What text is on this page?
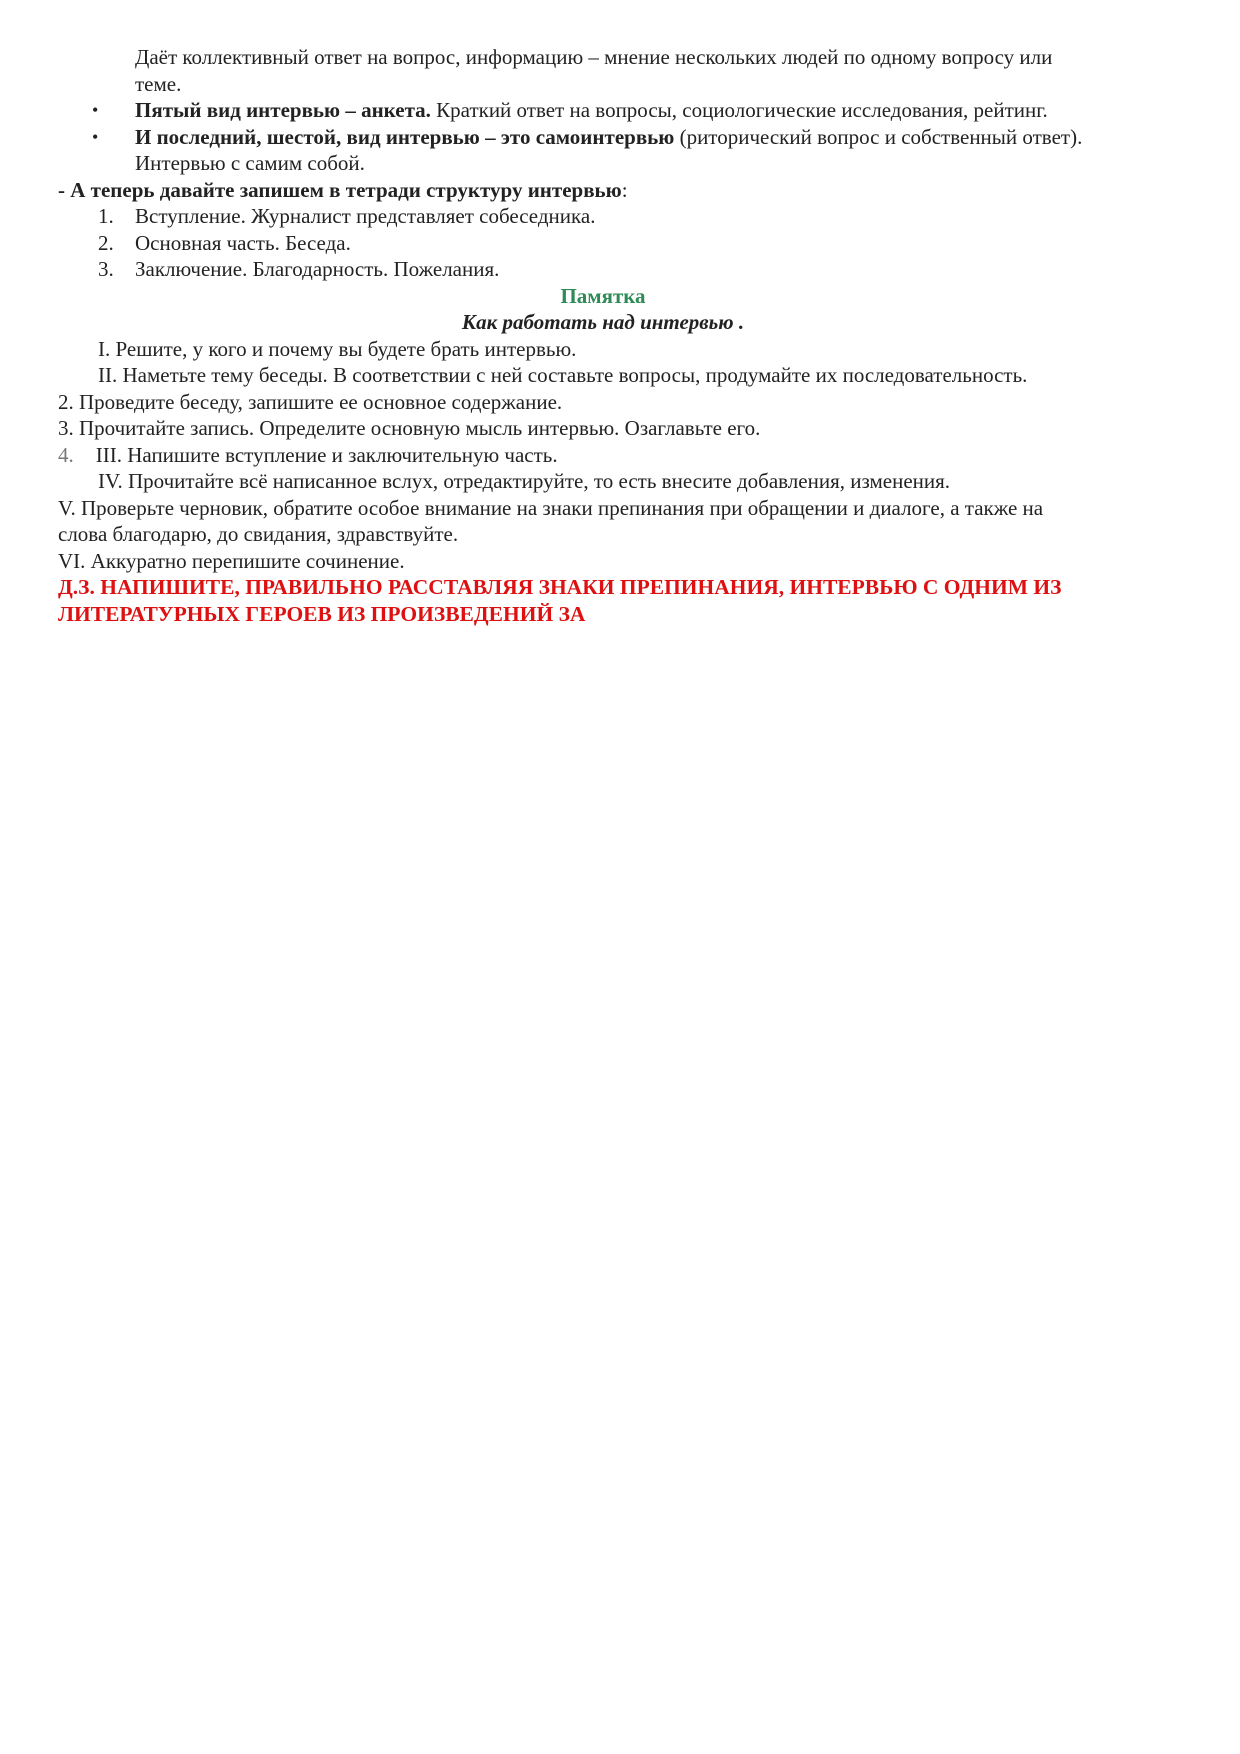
Даёт коллективный ответ на вопрос, информацию – мнение нескольких людей по одному вопросу или
теме.
• Пятый вид интервью – анкета. Краткий ответ на вопросы, социологические исследования, рейтинг.
• И последний, шестой, вид интервью – это самоинтервью (риторический вопрос и собственный ответ).
Интервью с самим собой.
- А теперь давайте запишем в тетради структуру интервью:
1. Вступление. Журналист представляет собеседника.
2. Основная часть. Беседа.
3. Заключение. Благодарность. Пожелания.
Памятка
Как работать над интервью .
I. Решите, у кого и почему вы будете брать интервью.
II. Наметьте тему беседы. В соответствии с ней составьте вопросы, продумайте их последовательность.
2. Проведите беседу, запишите ее основное содержание.
3. Прочитайте запись. Определите основную мысль интервью. Озаглавьте его.
4. III. Напишите вступление и заключительную часть.
IV. Прочитайте всё написанное вслух, отредактируйте, то есть внесите добавления, изменения.
V. Проверьте черновик, обратите особое внимание на знаки препинания при обращении и диалоге, а также на
слова благодарю, до свидания, здравствуйте.
VI. Аккуратно перепишите сочинение.
Д.З. НАПИШИТЕ, ПРАВИЛЬНО РАССТАВЛЯЯ ЗНАКИ ПРЕПИНАНИЯ, ИНТЕРВЬЮ С ОДНИМ ИЗ
ЛИТЕРАТУРНЫХ ГЕРОЕВ ИЗ ПРОИЗВЕДЕНИЙ ЗА
